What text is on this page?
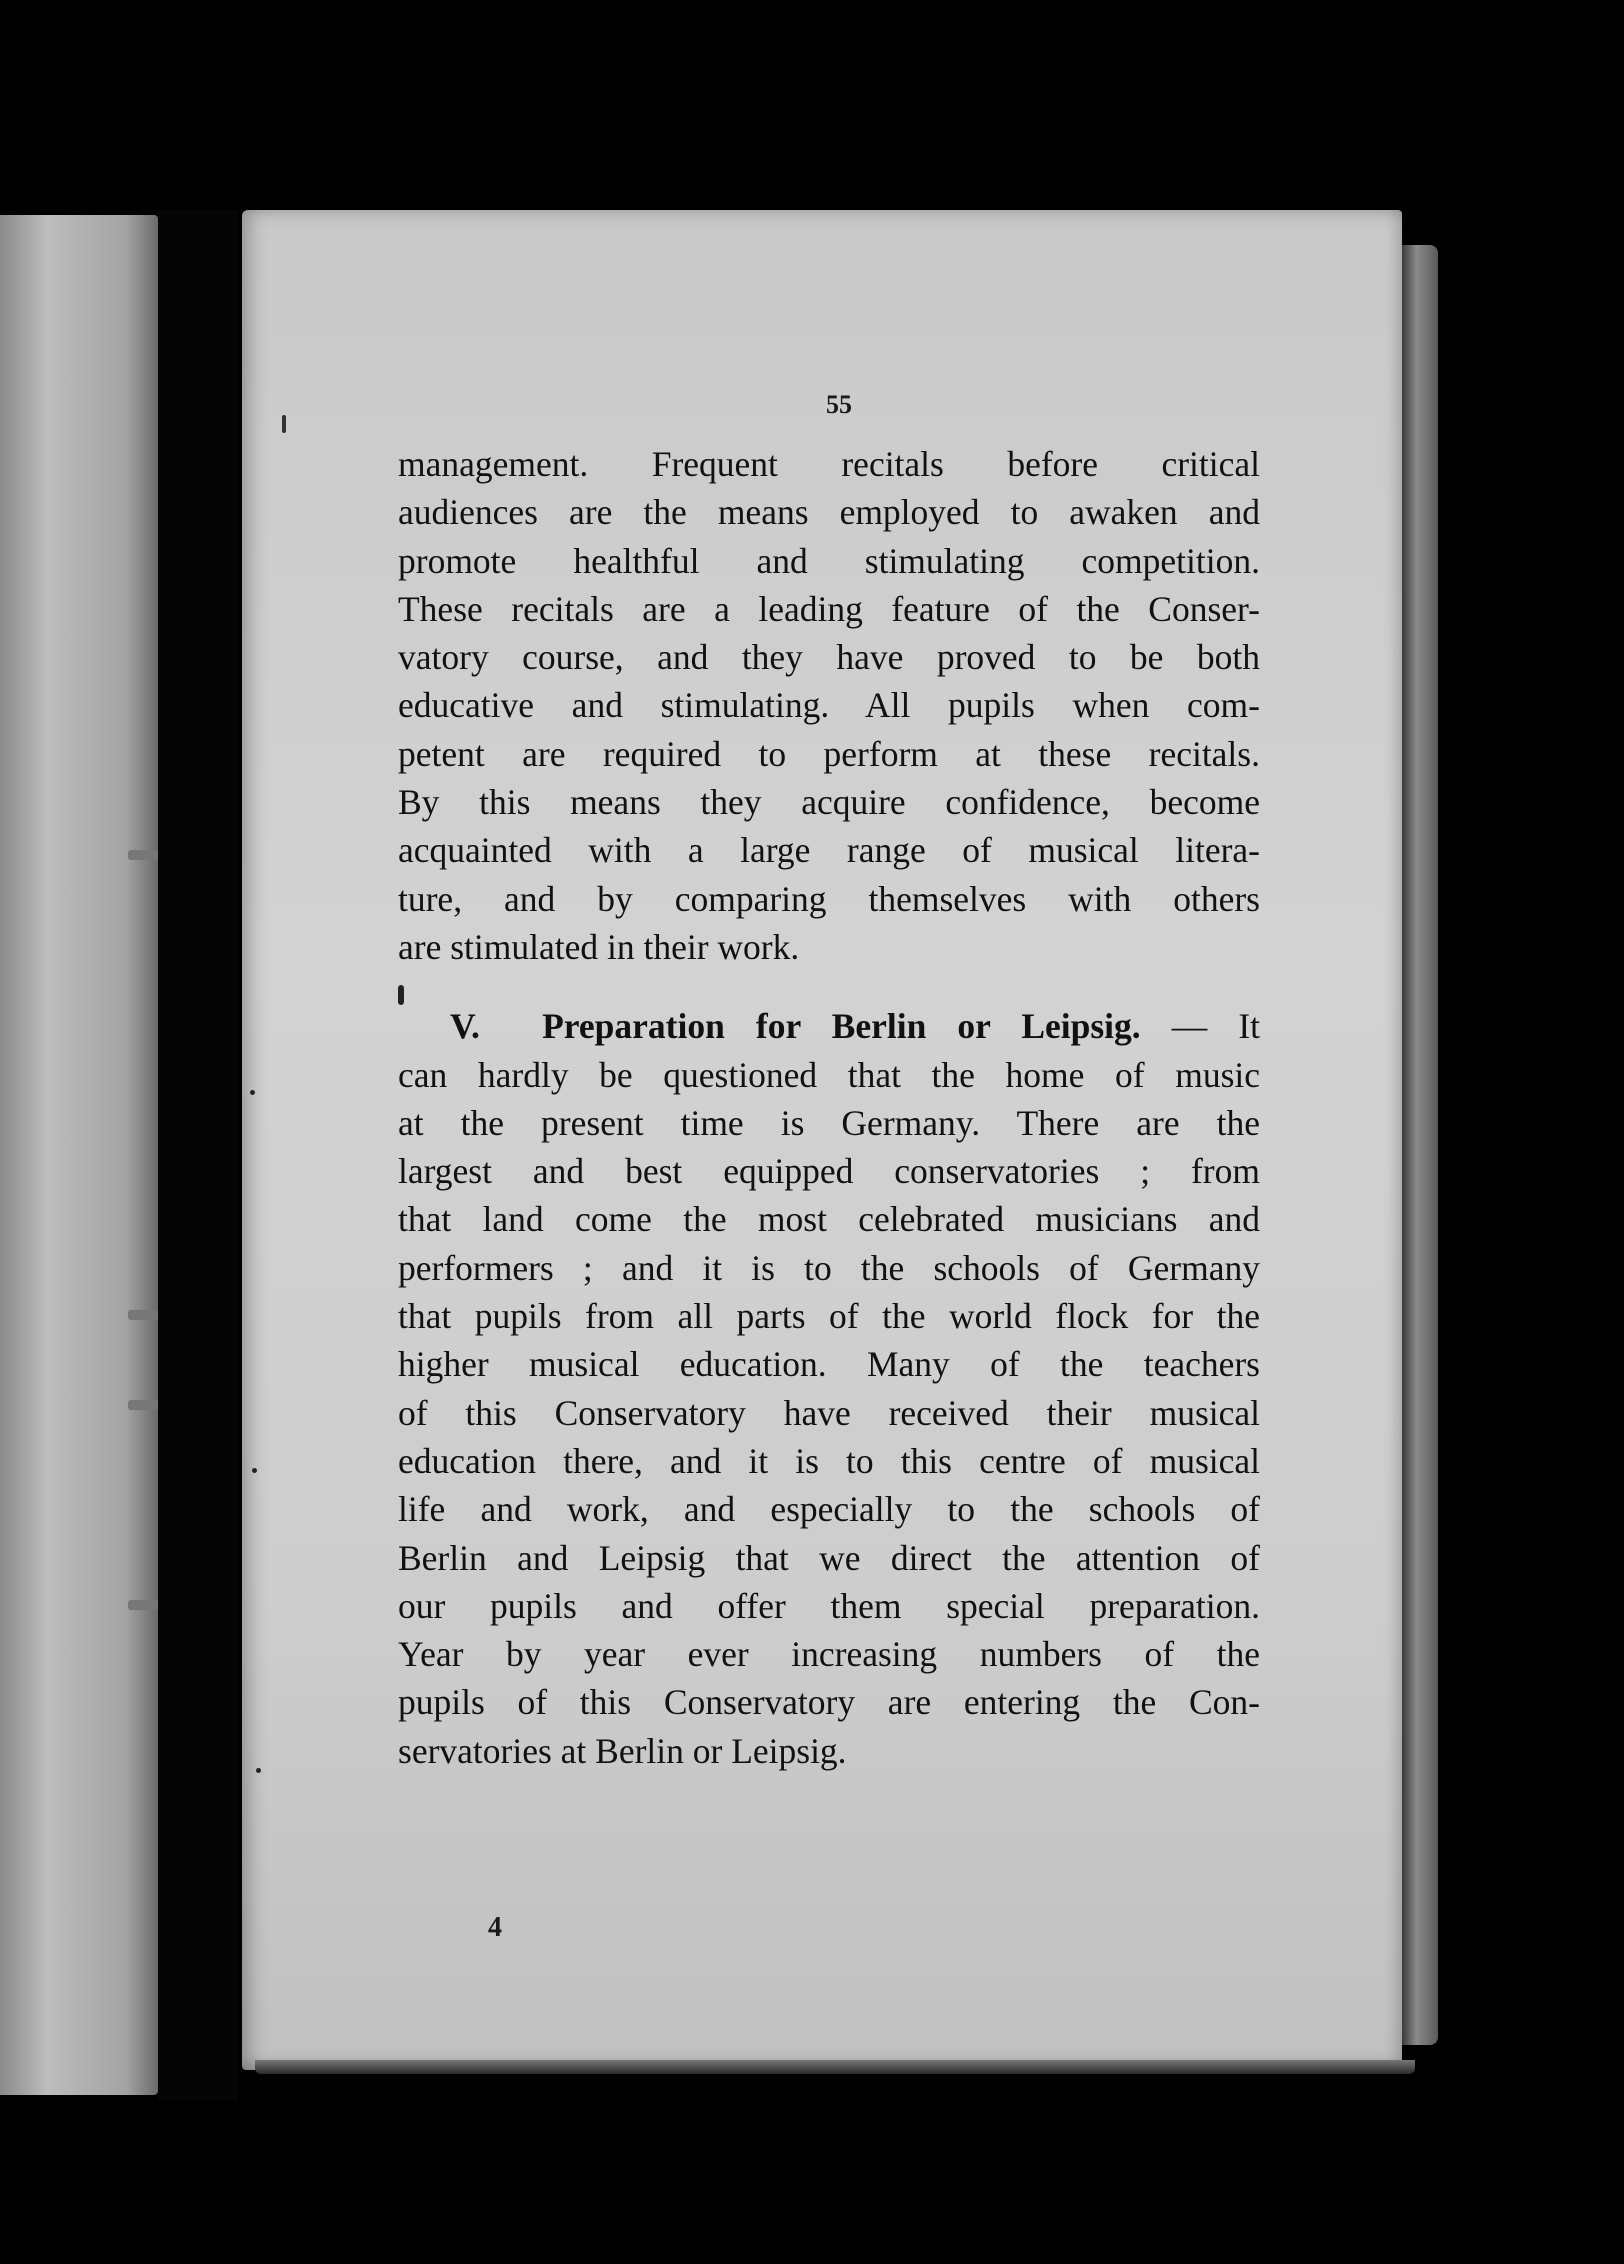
55
management. Frequent recitals before critical
audiences are the means employed to awaken and
promote healthful and stimulating competition.
These recitals are a leading feature of the Conser-
vatory course, and they have proved to be both
educative and stimulating. All pupils when com-
petent are required to perform at these recitals.
By this means they acquire confidence, become
acquainted with a large range of musical litera-
ture, and by comparing themselves with others
are stimulated in their work.
V. Preparation for Berlin or Leipsig. — It
can hardly be questioned that the home of music
at the present time is Germany. There are the
largest and best equipped conservatories ; from
that land come the most celebrated musicians and
performers ; and it is to the schools of Germany
that pupils from all parts of the world flock for the
higher musical education. Many of the teachers
of this Conservatory have received their musical
education there, and it is to this centre of musical
life and work, and especially to the schools of
Berlin and Leipsig that we direct the attention of
our pupils and offer them special preparation.
Year by year ever increasing numbers of the
pupils of this Conservatory are entering the Con-
servatories at Berlin or Leipsig.
4
